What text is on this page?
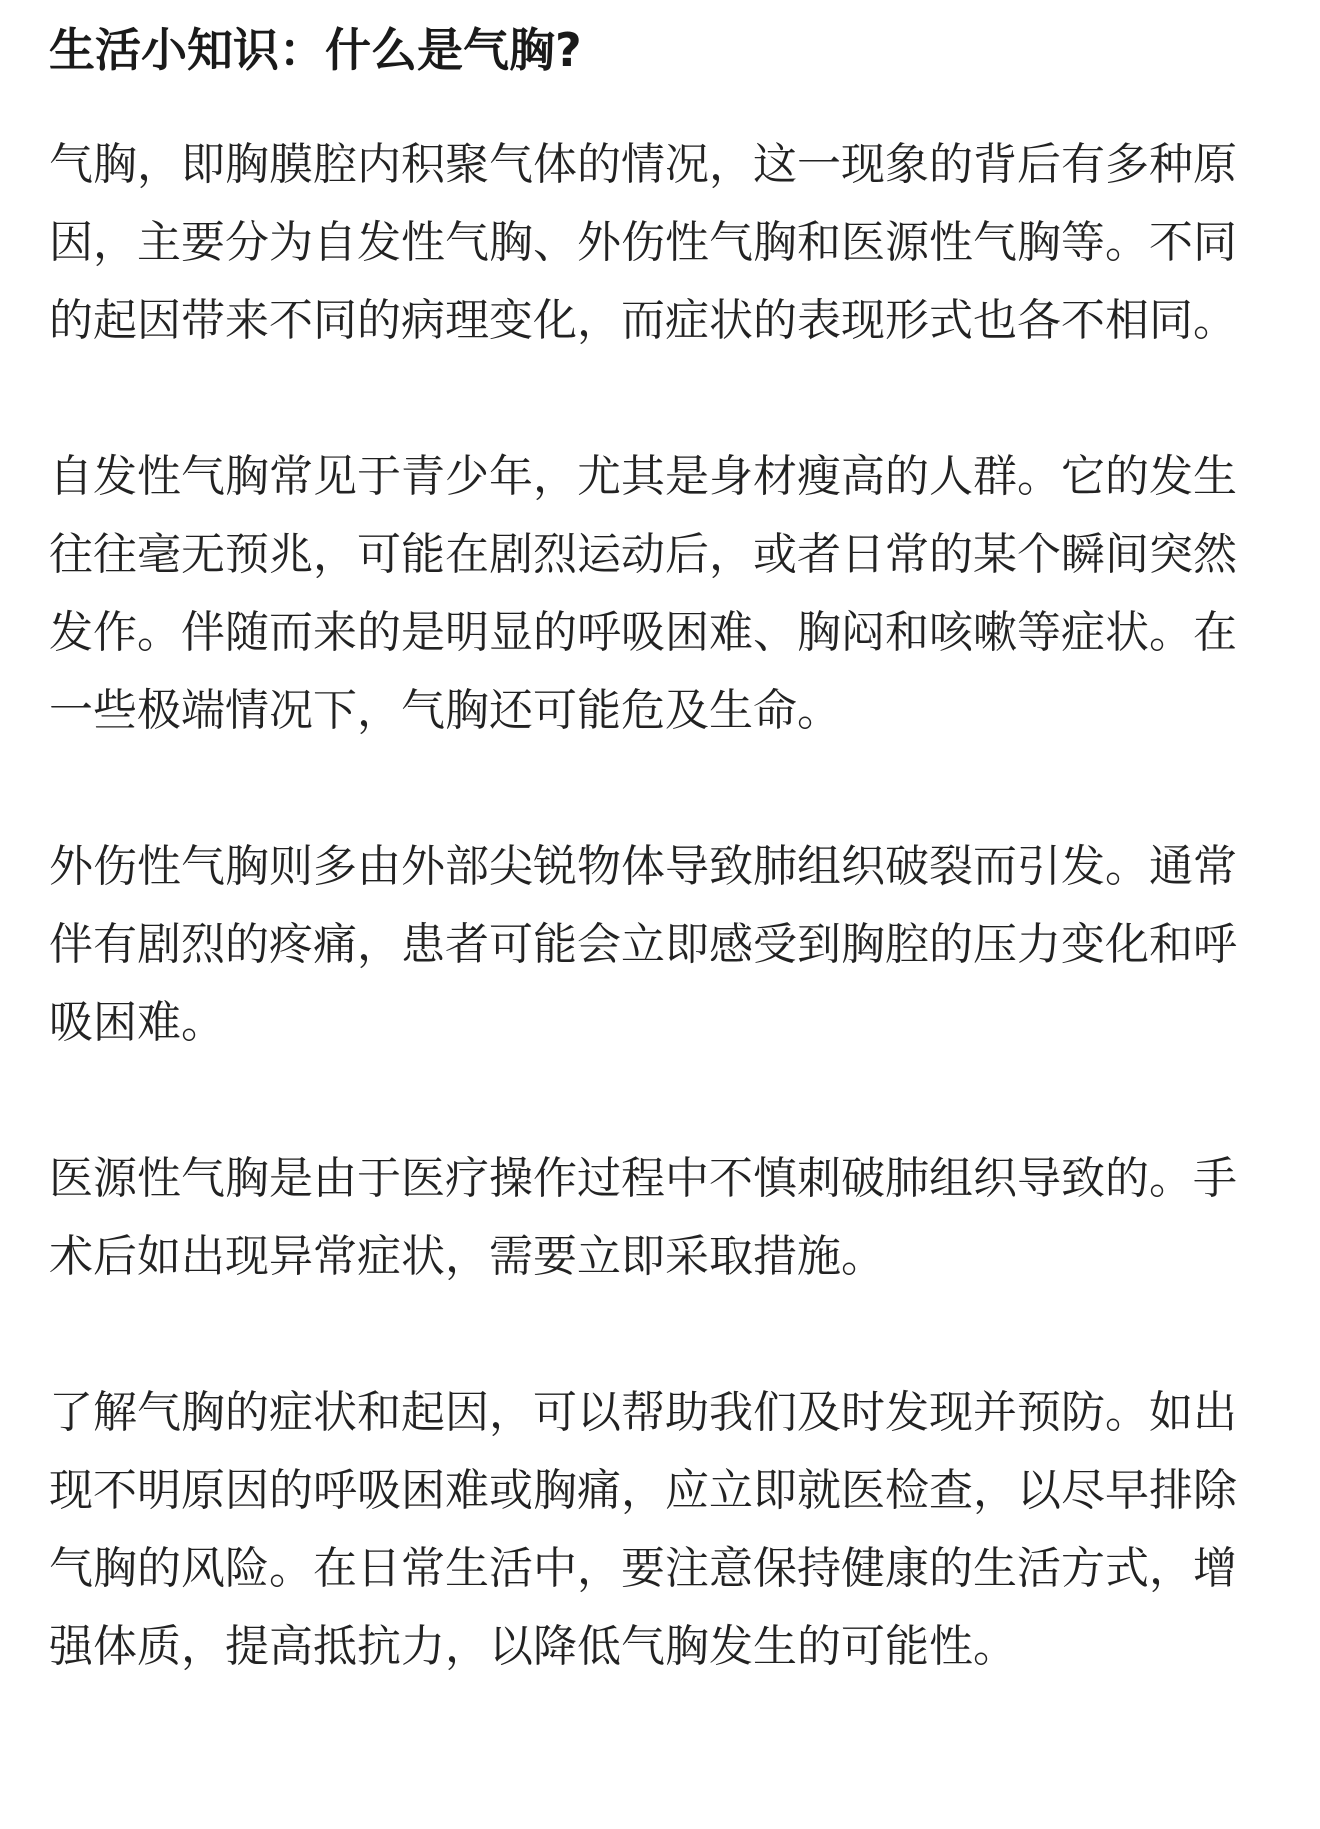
生活小知识：什么是气胸?

气胸，即胸膜腔内积聚气体的情况，这一现象的背后有多种原因，主要分为自发性气胸、外伤性气胸和医源性气胸等。不同的起因带来不同的病理变化，而症状的表现形式也各不相同。

自发性气胸常见于青少年，尤其是身材瘦高的人群。它的发生往往毫无预兆，可能在剧烈运动后，或者日常的某个瞬间突然发作。伴随而来的是明显的呼吸困难、胸闷和咳嗽等症状。在一些极端情况下，气胸还可能危及生命。

外伤性气胸则多由外部尖锐物体导致肺组织破裂而引发。通常伴有剧烈的疼痛，患者可能会立即感受到胸腔的压力变化和呼吸困难。

医源性气胸是由于医疗操作过程中不慎刺破肺组织导致的。手术后如出现异常症状，需要立即采取措施。

了解气胸的症状和起因，可以帮助我们及时发现并预防。如出现不明原因的呼吸困难或胸痛，应立即就医检查，以尽早排除气胸的风险。在日常生活中，要注意保持健康的生活方式，增强体质，提高抵抗力，以降低气胸发生的可能性。
